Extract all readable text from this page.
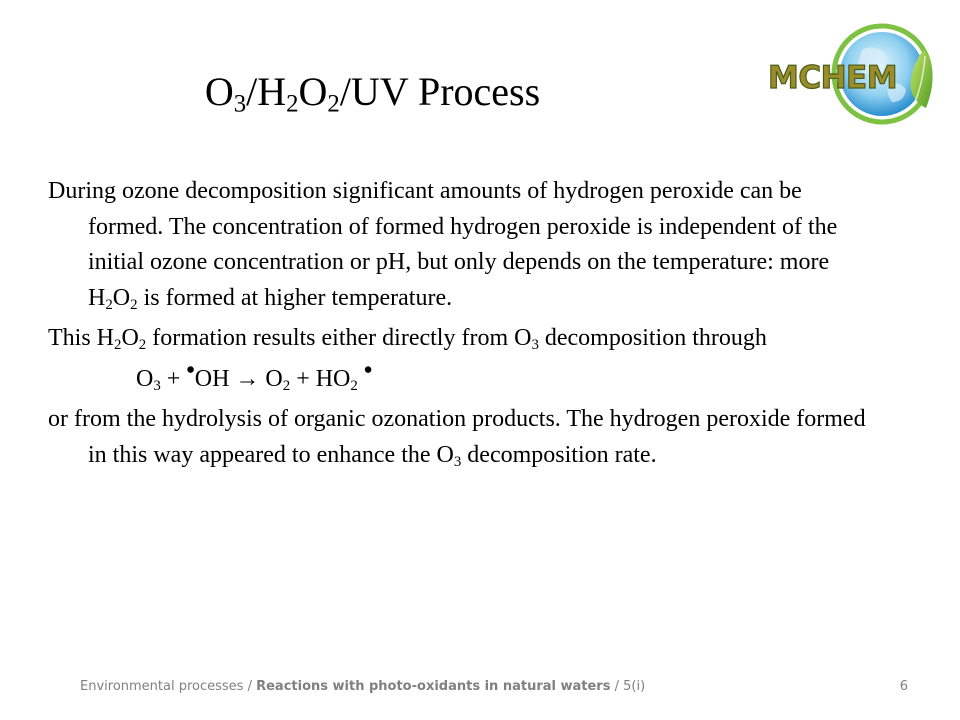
$O_3/H_2O_2/UV$ Process	MCHEM

During ozone decomposition significant amounts of hydrogen peroxide can be formed. The concentration of formed hydrogen peroxide is independent of the initial ozone concentration or pH, but only depends on the temperature: more $H_2O_2$ is formed at higher temperature.

This $H_2O_2$ formation results either directly from $O_3$ decomposition through

$O_3 + ^•OH \to O_2 + HO_2$ •

or from the hydrolysis of organic ozonation products. The hydrogen peroxide formed in this way appeared to enhance the $O_3$ decomposition rate.

Environmental processes / Reactions with photo-oxidants in natural waters / 5(i)	6
